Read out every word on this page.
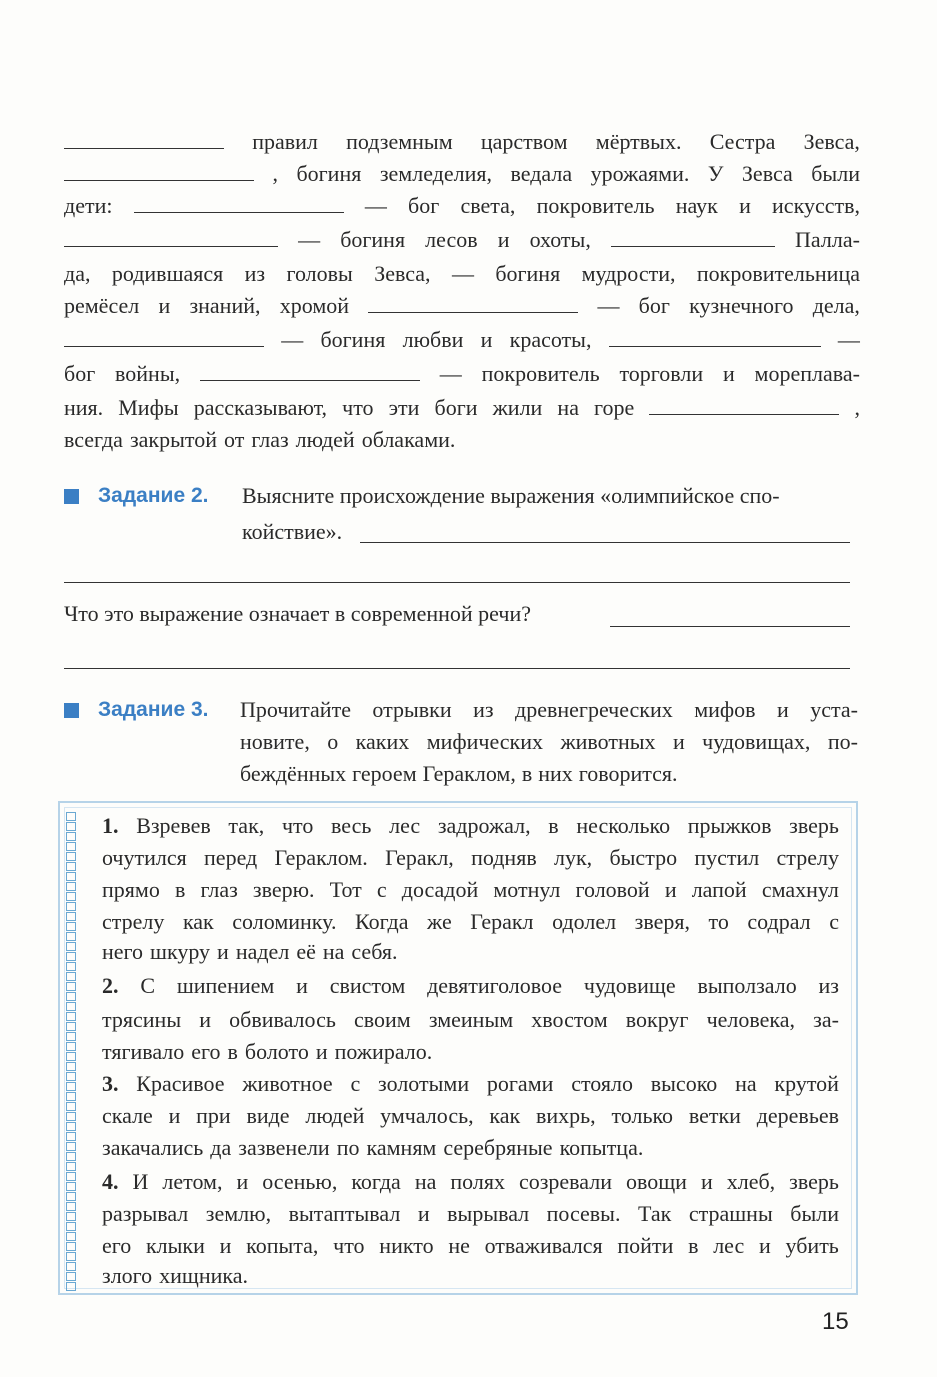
правил подземным царством мёртвых. Сестра Зевса,
, богиня земледелия, ведала урожаями. У Зевса были
дети:	— бог света, покровитель наук и искусств,
— богиня лесов и охоты,	Палла-
да, родившаяся из головы Зевса, — богиня мудрости, покровительница
ремёсел и знаний, хромой	— бог кузнечного дела,
— богиня любви и красоты,	—
бог войны,	— покровитель торговли и мореплава-
ния. Мифы рассказывают, что эти боги жили на горе	,
всегда закрытой от глаз людей облаками.
Задание 2. Выясните происхождение выражения «олимпийское спо-
койствие».
Что это выражение означает в современной речи?
Задание 3. Прочитайте отрывки из древнегреческих мифов и уста-
новите, о каких мифических животных и чудовищах, по-
беждённых героем Гераклом, в них говорится.
1. Взревев так, что весь лес задрожал, в несколько прыжков зверь
очутился перед Гераклом. Геракл, подняв лук, быстро пустил стрелу
прямо в глаз зверю. Тот с досадой мотнул головой и лапой смахнул
стрелу как соломинку. Когда же Геракл одолел зверя, то содрал с
него шкуру и надел её на себя.
2. С шипением и свистом девятиголовое чудовище выползало из
трясины и обвивалось своим змеиным хвостом вокруг человека, за-
тягивало его в болото и пожирало.
3. Красивое животное с золотыми рогами стояло высоко на крутой
скале и при виде людей умчалось, как вихрь, только ветки деревьев
закачались да зазвенели по камням серебряные копытца.
4. И летом, и осенью, когда на полях созревали овощи и хлеб, зверь
разрывал землю, вытаптывал и вырывал посевы. Так страшны были
его клыки и копыта, что никто не отваживался пойти в лес и убить
злого хищника.
15
